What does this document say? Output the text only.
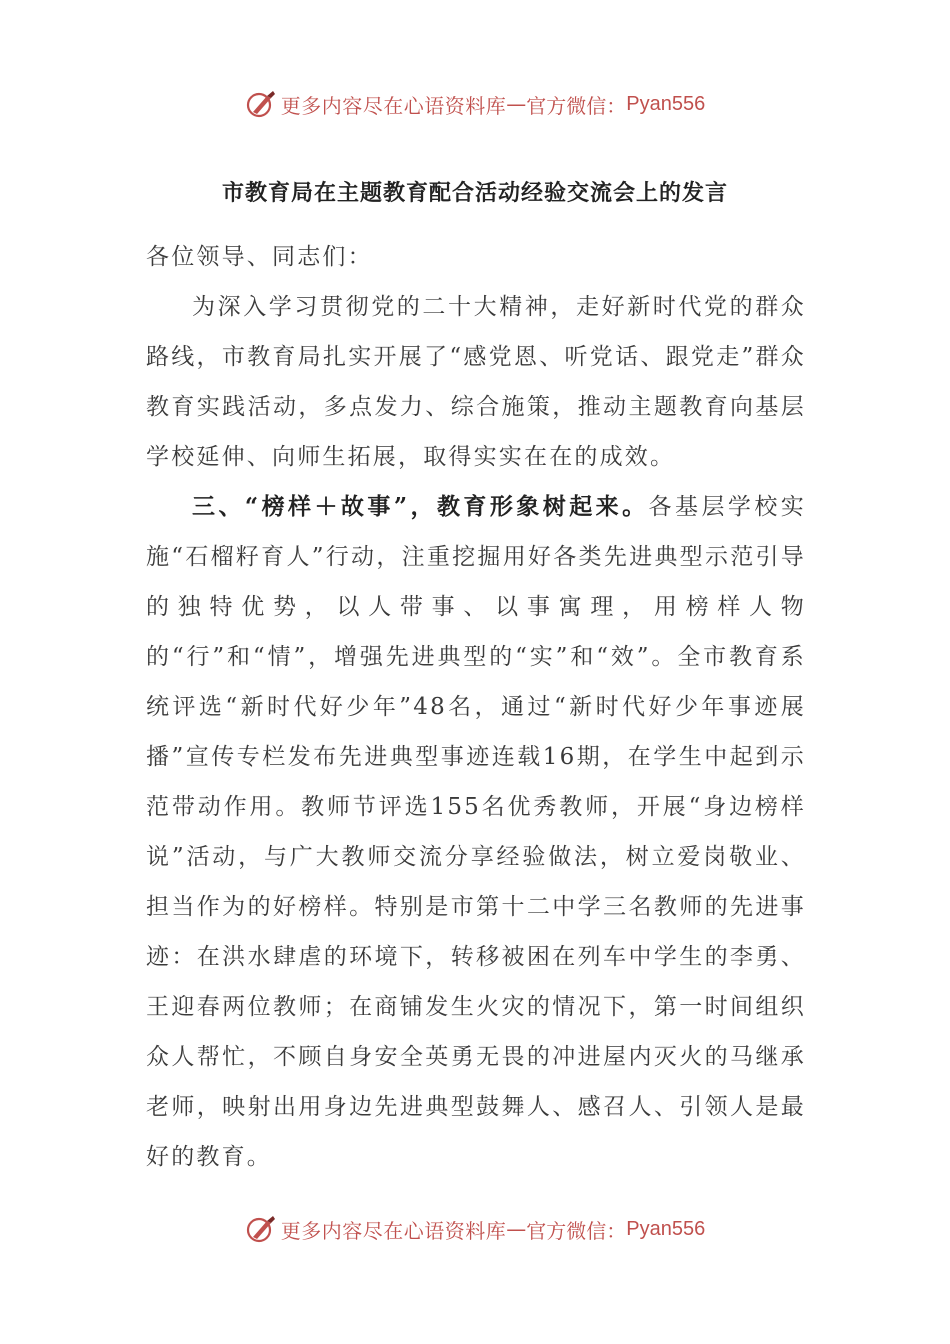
更多内容尽在心语资料库 — 官方微信： Pyan556
市教育局在主题教育配合活动经验交流会上的发言

各位领导、同志们：

为深入学习贯彻党的二十大精神，走好新时代党的群众路线，市教育局扎实开展了“感党恩、听党话、跟党走”群众教育实践活动，多点发力、综合施策，推动主题教育向基层学校延伸、向师生拓展，取得实实在在的成效。

三、“榜样＋故事”，教育形象树起来。各基层学校实施“石榴籽育人”行动，注重挖掘用好各类先进典型示范引导的独特优势，以人带事、以事寓理，用榜样人物的“行”和“情”，增强先进典型的“实”和“效”。全市教育系统评选“新时代好少年”48名，通过“新时代好少年事迹展播”宣传专栏发布先进典型事迹连载16期，在学生中起到示范带动作用。教师节评选155名优秀教师，开展“身边榜样说”活动，与广大教师交流分享经验做法，树立爱岗敬业、担当作为的好榜样。特别是市第十二中学三名教师的先进事迹：在洪水肆虐的环境下，转移被困在列车中学生的李勇、王迎春两位教师；在商铺发生火灾的情况下，第一时间组织众人帮忙，不顾自身安全英勇无畏的冲进屋内灭火的马继承老师，映射出用身边先进典型鼓舞人、感召人、引领人是最好的教育。

更多内容尽在心语资料库 — 官方微信： Pyan556
